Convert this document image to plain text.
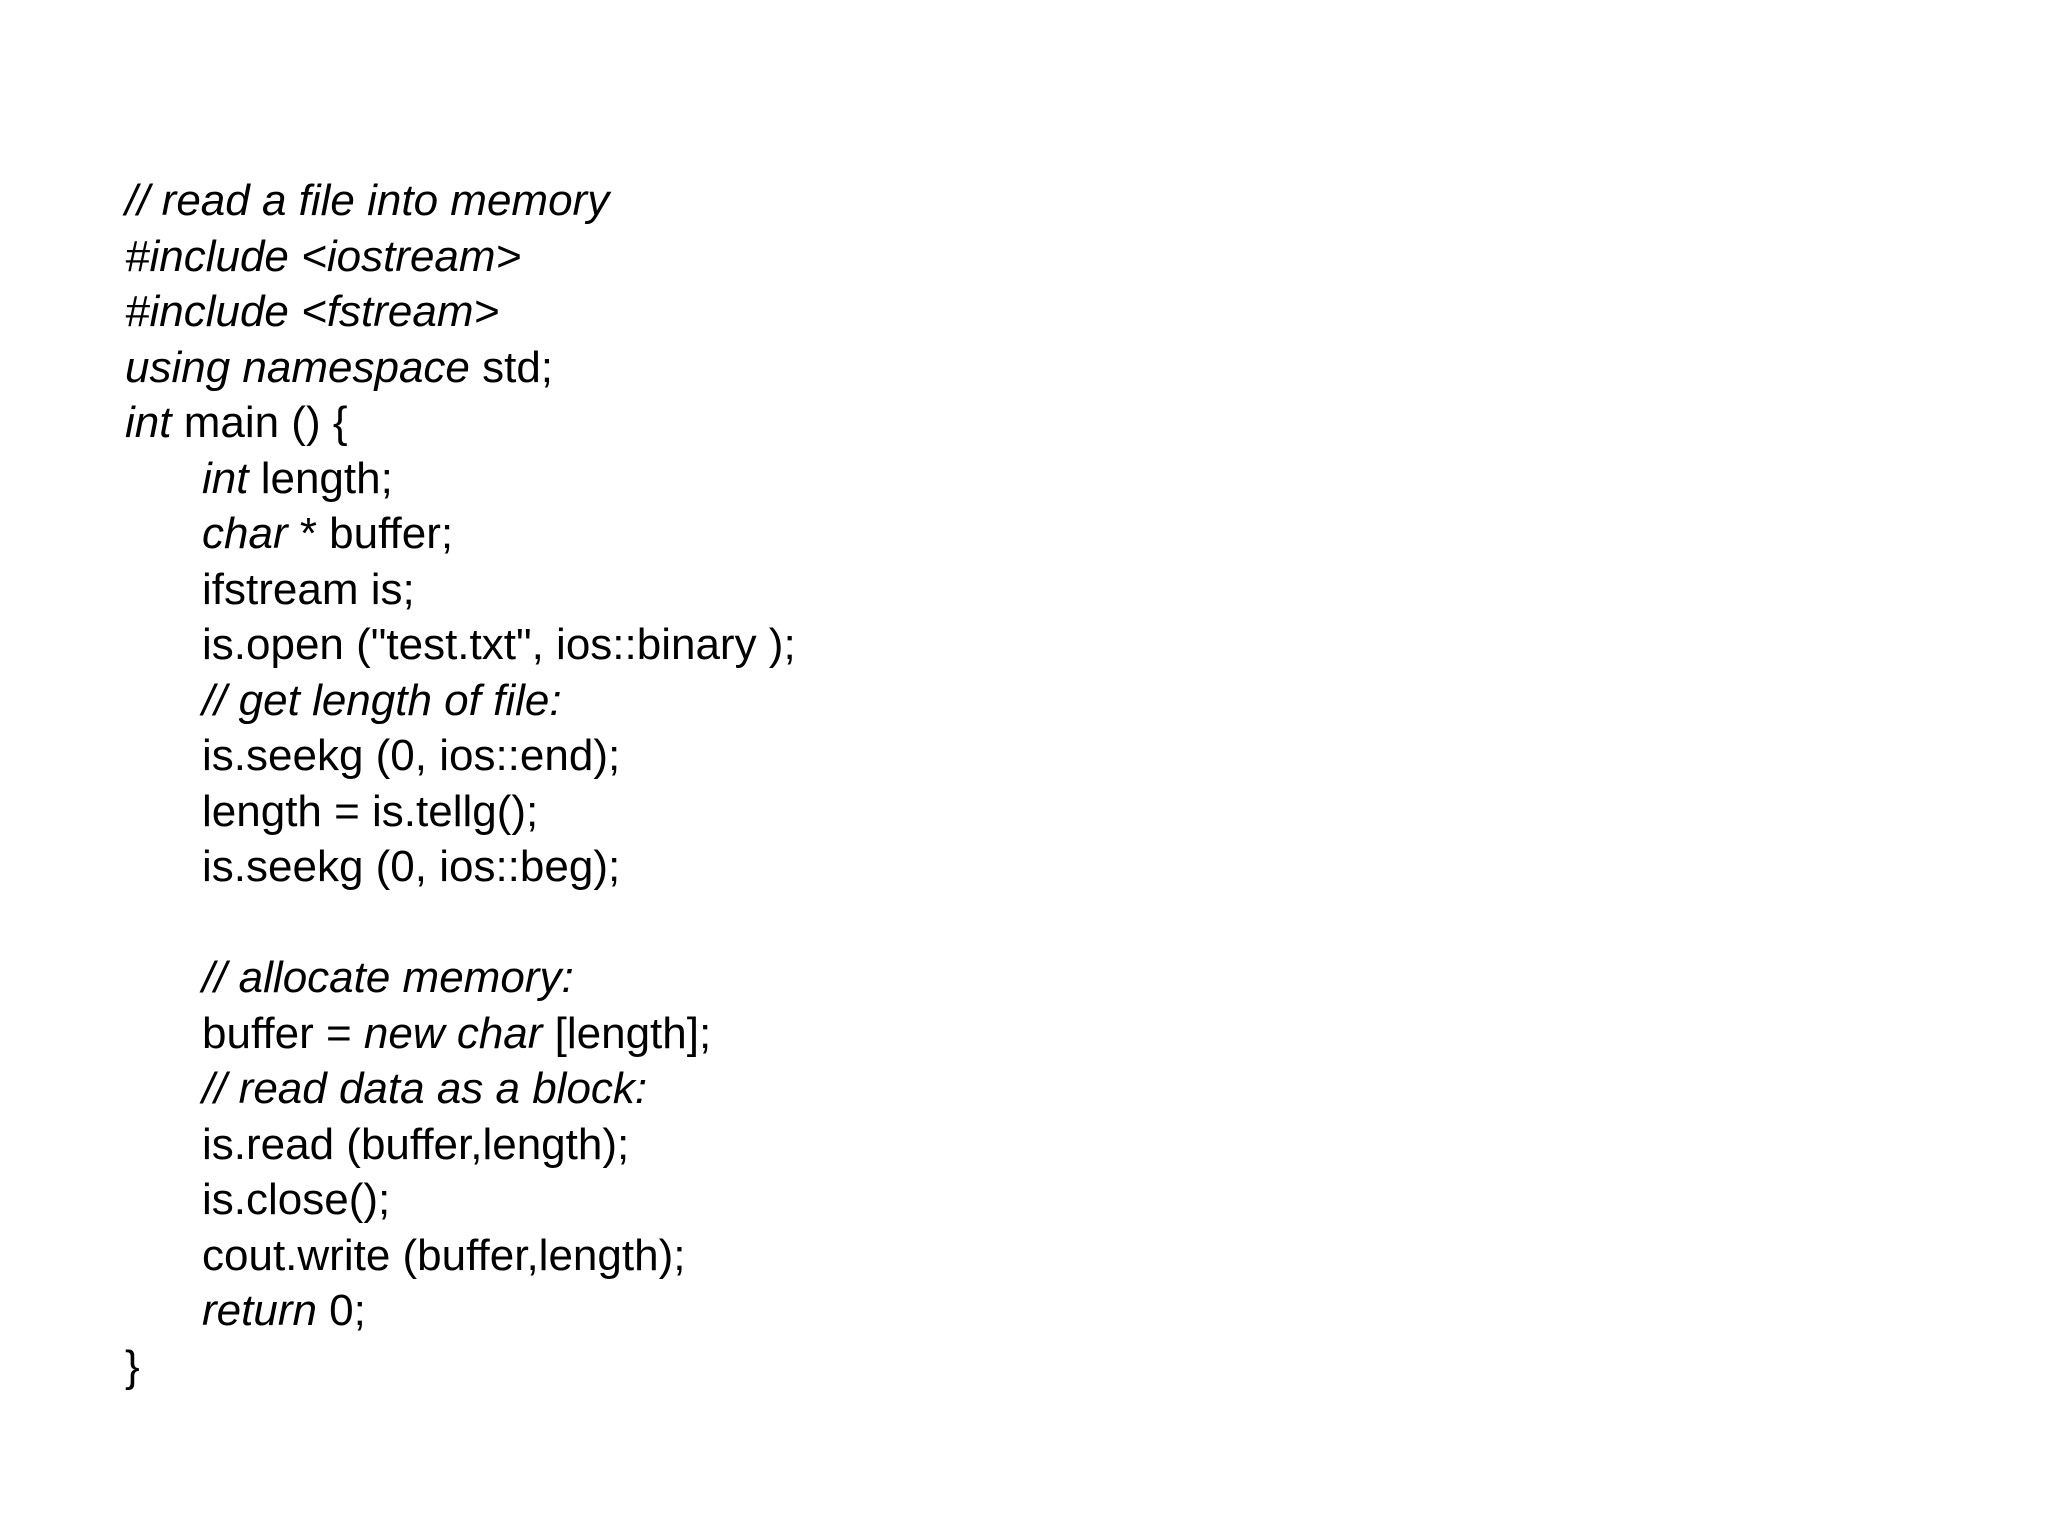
// read a file into memory
#include <iostream>
#include <fstream>
using namespace std;
int main () {
int length;
char * buffer;
ifstream is;
is.open ("test.txt", ios::binary );
// get length of file:
is.seekg (0, ios::end);
length = is.tellg();
is.seekg (0, ios::beg);
// allocate memory:
buffer = new char [length];
// read data as a block:
is.read (buffer,length);
is.close();
cout.write (buffer,length);
return 0;
}
